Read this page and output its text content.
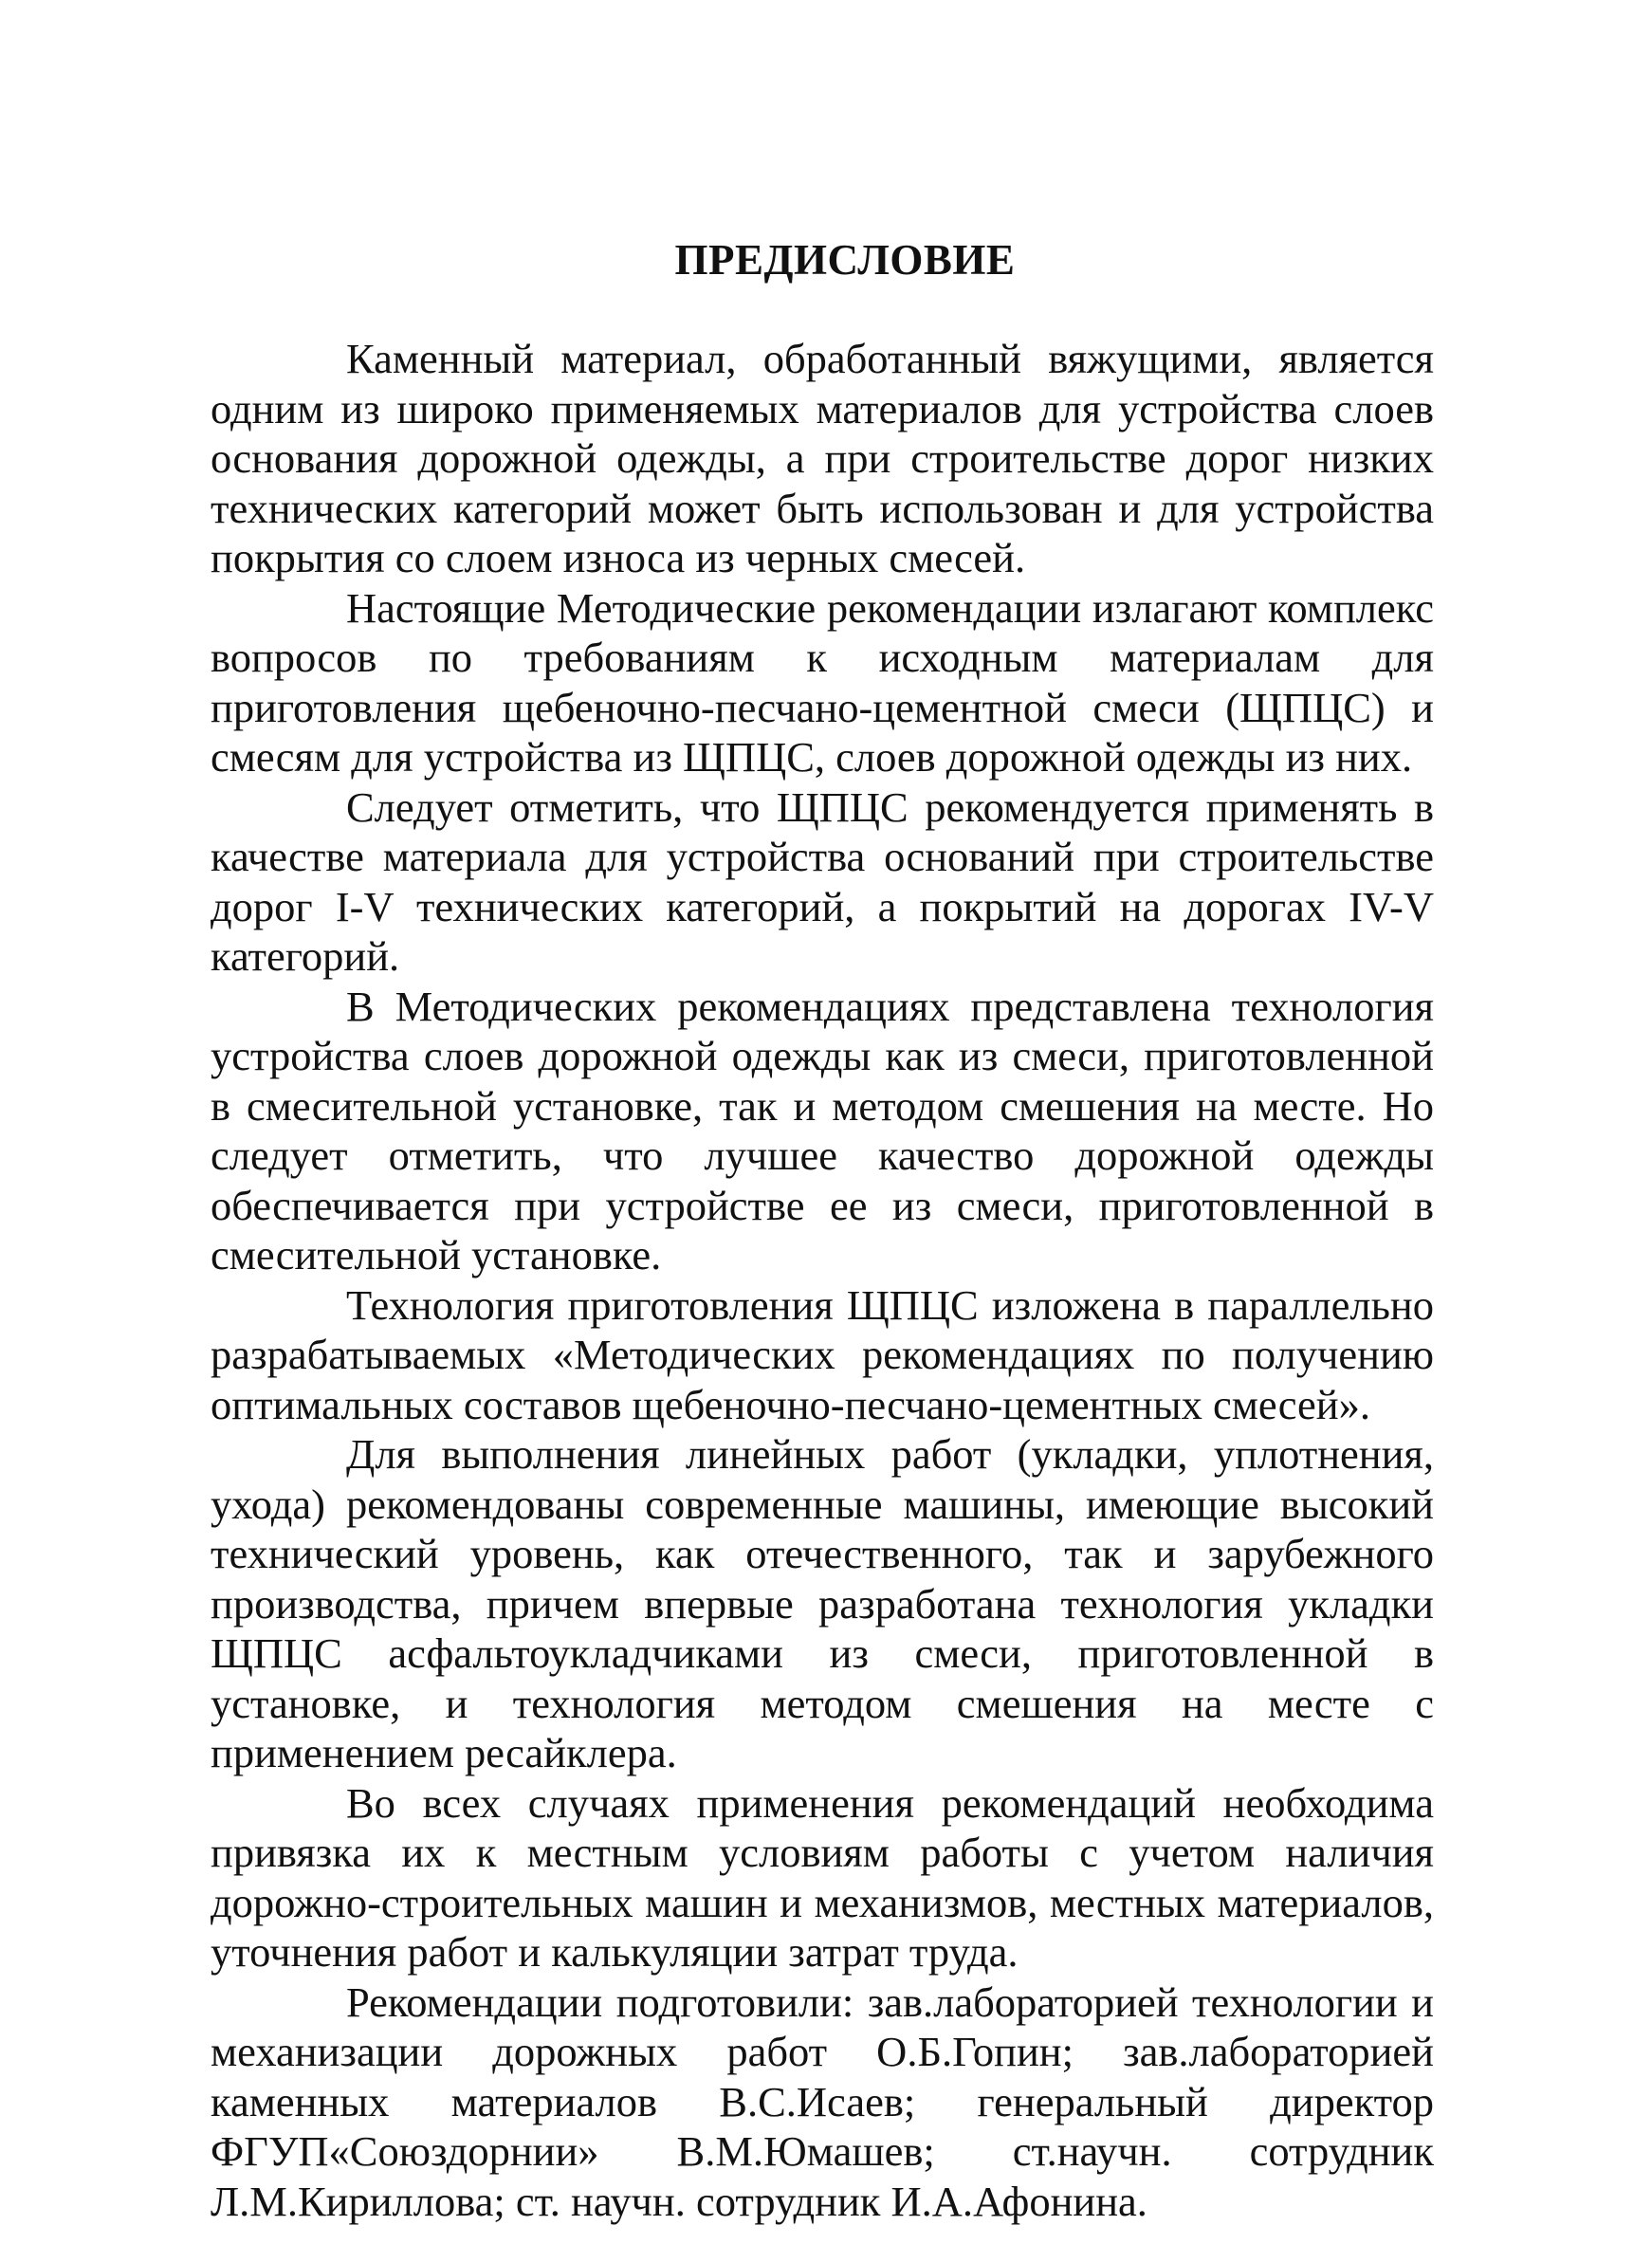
ПРЕДИСЛОВИЕ

Каменный материал, обработанный вяжущими, является одним из широко применяемых материалов для устройства слоев основания дорожной одежды, а при строительстве дорог низких технических категорий может быть использован и для устройства покрытия со слоем износа из черных смесей.

Настоящие Методические рекомендации излагают комплекс вопросов по требованиям к исходным материалам для приготовления щебеночно-песчано-цементной смеси (ЩПЦС) и смесям для устройства из ЩПЦС, слоев дорожной одежды из них.

Следует отметить, что ЩПЦС рекомендуется применять в качестве материала для устройства оснований при строительстве дорог I-V технических категорий, а покрытий на дорогах IV-V категорий.

В Методических рекомендациях представлена технология устройства слоев дорожной одежды как из смеси, приготовленной в смесительной установке, так и методом смешения на месте. Но следует отметить, что лучшее качество дорожной одежды обеспечивается при устройстве ее из смеси, приготовленной в смесительной установке.

Технология приготовления ЩПЦС изложена в параллельно разрабатываемых «Методических рекомендациях по получению оптимальных составов щебеночно-песчано-цементных смесей».

Для выполнения линейных работ (укладки, уплотнения, ухода) рекомендованы современные машины, имеющие высокий технический уровень, как отечественного, так и зарубежного производства, причем впервые разработана технология укладки ЩПЦС асфальтоукладчиками из смеси, приготовленной в установке, и технология методом смешения на месте с применением ресайклера.

Во всех случаях применения рекомендаций необходима привязка их к местным условиям работы с учетом наличия дорожно-строительных машин и механизмов, местных материалов, уточнения работ и калькуляции затрат труда.

Рекомендации подготовили: зав.лабораторией технологии и механизации дорожных работ О.Б.Гопин; зав.лабораторией каменных материалов В.С.Исаев; генеральный директор ФГУП«Союздорнии» В.М.Юмашев; ст.научн. сотрудник Л.М.Кириллова; ст. научн. сотрудник И.А.Афонина.
